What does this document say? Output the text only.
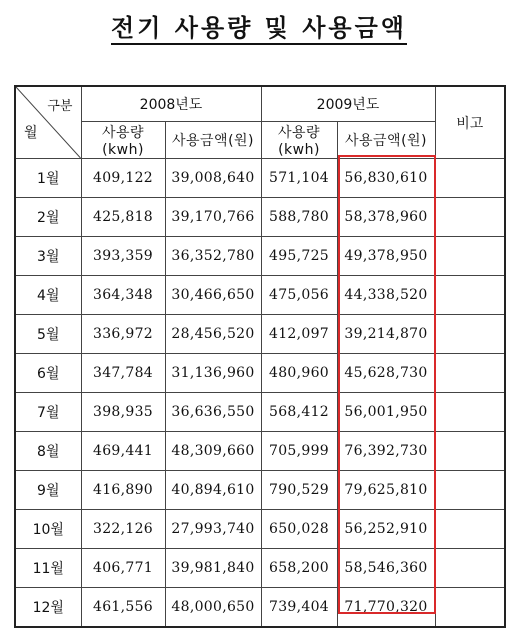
전기 사용량 및 사용금액
구분
월	2008년도		2009년도		비고
	사용량(kwh)	사용금액(원)	사용량(kwh)	사용금액(원)	
1월	409,122	39,008,640	571,104	56,830,610	
2월	425,818	39,170,766	588,780	58,378,960	
3월	393,359	36,352,780	495,725	49,378,950	
4월	364,348	30,466,650	475,056	44,338,520	
5월	336,972	28,456,520	412,097	39,214,870	
6월	347,784	31,136,960	480,960	45,628,730	
7월	398,935	36,636,550	568,412	56,001,950	
8월	469,441	48,309,660	705,999	76,392,730	
9월	416,890	40,894,610	790,529	79,625,810	
10월	322,126	27,993,740	650,028	56,252,910	
11월	406,771	39,981,840	658,200	58,546,360	
12월	461,556	48,000,650	739,404	71,770,320	
